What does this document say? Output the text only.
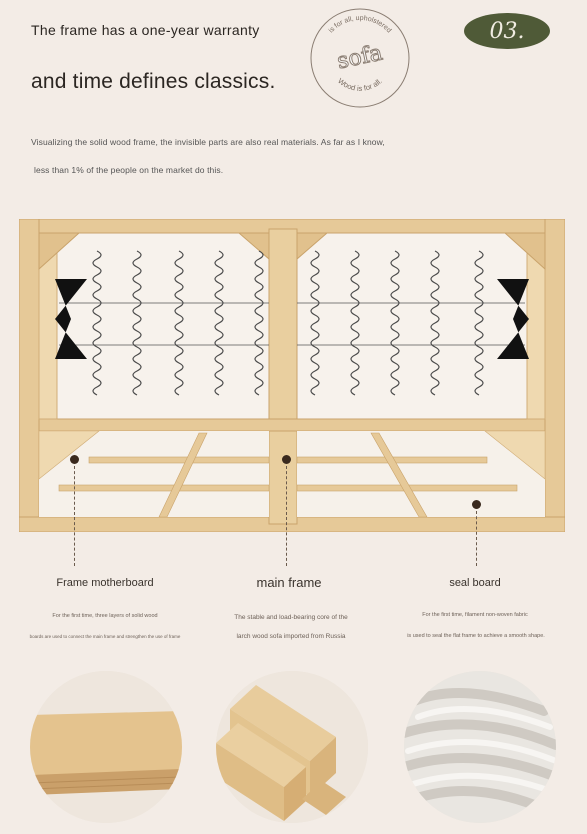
The frame has a one-year warranty
and time defines classics.
is for all, upholstered
Wood is for all.
sofa
03.
Visualizing the solid wood frame, the invisible parts are also real materials. As far as I know,
less than 1% of the people on the market do this.
Frame motherboard	main frame	seal board
For the first time, three layers of solid wood
boards are used to connect the main frame and strengthen the use of frame
The stable and load-bearing core of the
larch wood sofa imported from Russia
For the first time, filament non-woven fabric
is used to seal the flat frame to achieve a smooth shape.
